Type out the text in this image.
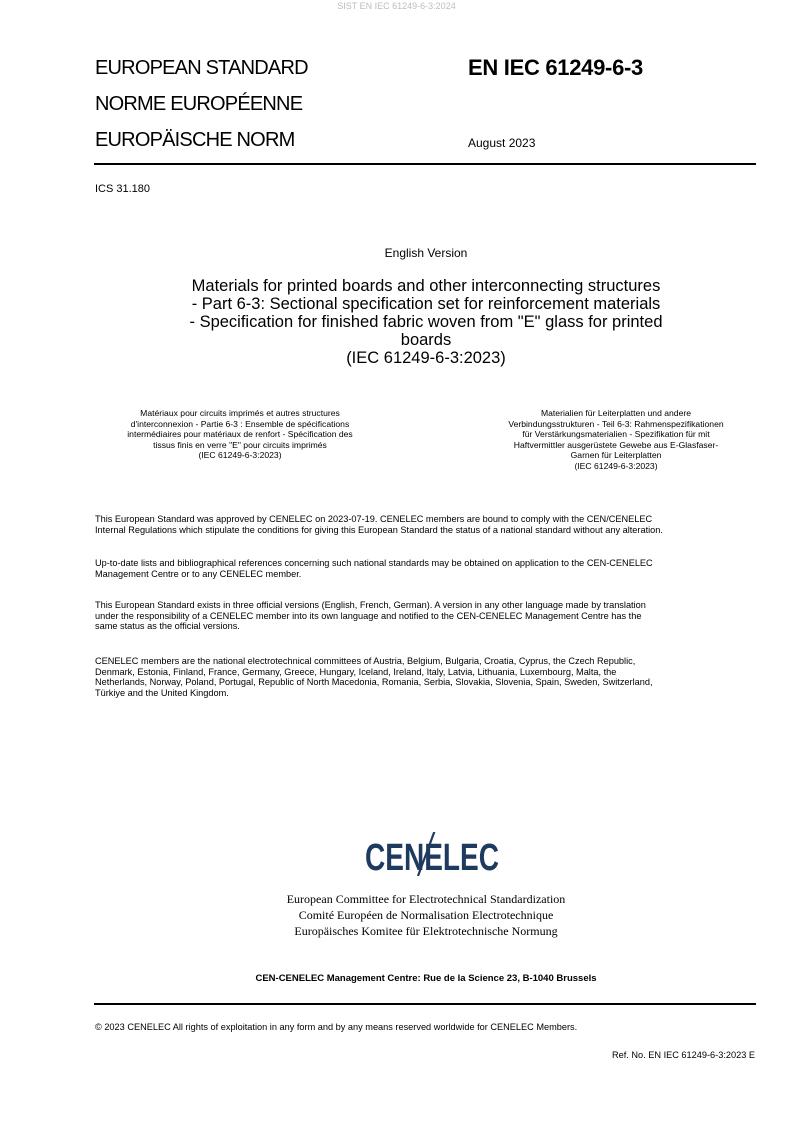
SIST EN IEC 61249-6-3:2024
EUROPEAN STANDARD
NORME EUROPÉENNE
EUROPÄISCHE NORM
EN IEC 61249-6-3
August 2023
ICS 31.180
English Version
Materials for printed boards and other interconnecting structures
- Part 6-3: Sectional specification set for reinforcement materials
- Specification for finished fabric woven from "E" glass for printed
boards
(IEC 61249-6-3:2023)
Matériaux pour circuits imprimés et autres structures
d'interconnexion - Partie 6-3 : Ensemble de spécifications
intermédiaires pour matériaux de renfort - Spécification des
tissus finis en verre "E" pour circuits imprimés
(IEC 61249-6-3:2023)
Materialien für Leiterplatten und andere
Verbindungsstrukturen - Teil 6-3: Rahmenspezifikationen
für Verstärkungsmaterialien - Spezifikation für mit
Haftvermittler ausgerüstete Gewebe aus E-Glasfaser-
Garnen für Leiterplatten
(IEC 61249-6-3:2023)
This European Standard was approved by CENELEC on 2023-07-19. CENELEC members are bound to comply with the CEN/CENELEC
Internal Regulations which stipulate the conditions for giving this European Standard the status of a national standard without any alteration.
Up-to-date lists and bibliographical references concerning such national standards may be obtained on application to the CEN-CENELEC
Management Centre or to any CENELEC member.
This European Standard exists in three official versions (English, French, German). A version in any other language made by translation
under the responsibility of a CENELEC member into its own language and notified to the CEN-CENELEC Management Centre has the
same status as the official versions.
CENELEC members are the national electrotechnical committees of Austria, Belgium, Bulgaria, Croatia, Cyprus, the Czech Republic,
Denmark, Estonia, Finland, France, Germany, Greece, Hungary, Iceland, Ireland, Italy, Latvia, Lithuania, Luxembourg, Malta, the
Netherlands, Norway, Poland, Portugal, Republic of North Macedonia, Romania, Serbia, Slovakia, Slovenia, Spain, Sweden, Switzerland,
Türkiye and the United Kingdom.
CENELEC
European Committee for Electrotechnical Standardization
Comité Européen de Normalisation Electrotechnique
Europäisches Komitee für Elektrotechnische Normung
CEN-CENELEC Management Centre: Rue de la Science 23, B-1040 Brussels
© 2023 CENELEC All rights of exploitation in any form and by any means reserved worldwide for CENELEC Members.
Ref. No. EN IEC 61249-6-3:2023 E
